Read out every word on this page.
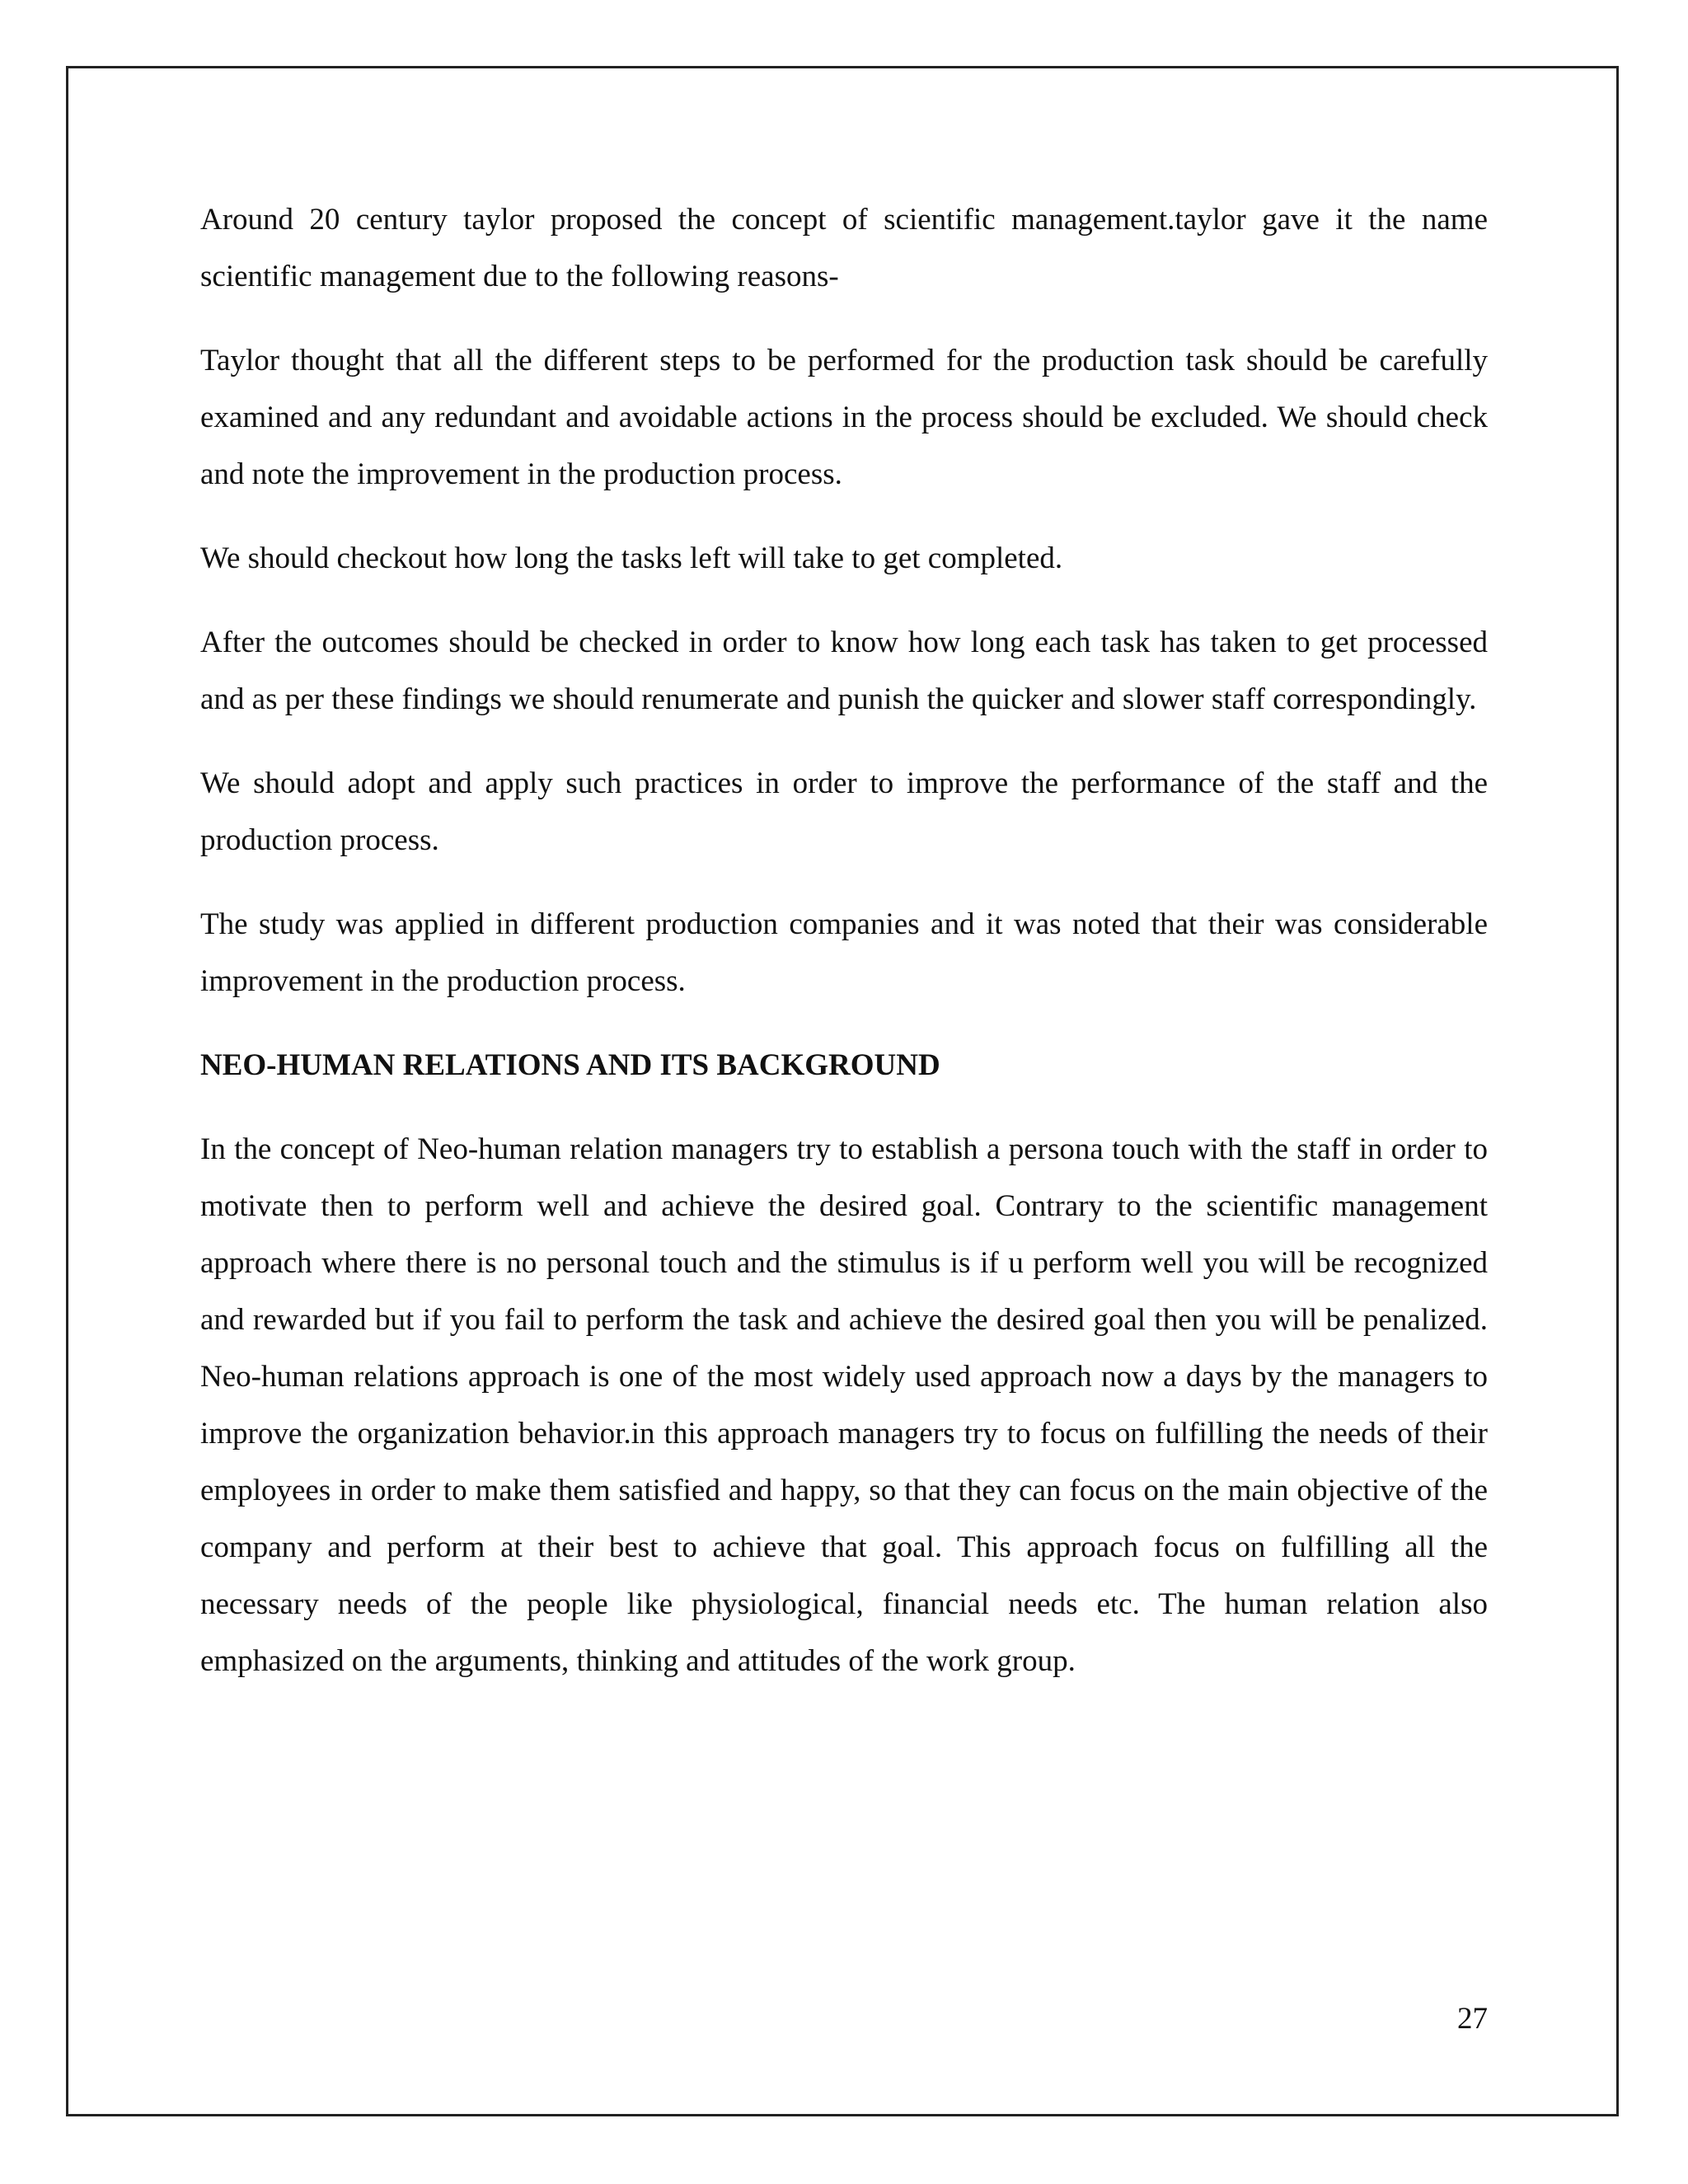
Around 20 century taylor proposed the concept of scientific management.taylor gave it the name scientific management due to the following reasons-

Taylor thought that all the different steps to be performed for the production task should be carefully examined and any redundant and avoidable actions in the process should be excluded. We should check and note the improvement in the production process.

We should checkout how long the tasks left will take to get completed.

After the outcomes should be checked in order to know how long each task has taken to get processed and as per these findings we should renumerate and punish the quicker and slower staff correspondingly.

We should adopt and apply such practices in order to improve the performance of the staff and the production process.

The study was applied in different production companies and it was noted that their was considerable improvement in the production process.

NEO-HUMAN RELATIONS AND ITS BACKGROUND

In the concept of Neo-human relation managers try to establish a persona touch with the staff in order to motivate then to perform well and achieve the desired goal. Contrary to the scientific management approach where there is no personal touch and the stimulus is if u perform well you will be recognized and rewarded but if you fail to perform the task and achieve the desired goal then you will be penalized. Neo-human relations approach is one of the most widely used approach now a days by the managers to improve the organization behavior.in this approach managers try to focus on fulfilling the needs of their employees in order to make them satisfied and happy, so that they can focus on the main objective of the company and perform at their best to achieve that goal. This approach focus on fulfilling all the necessary needs of the people like physiological, financial needs etc. The human relation also emphasized on the arguments, thinking and attitudes of the work group.

27
